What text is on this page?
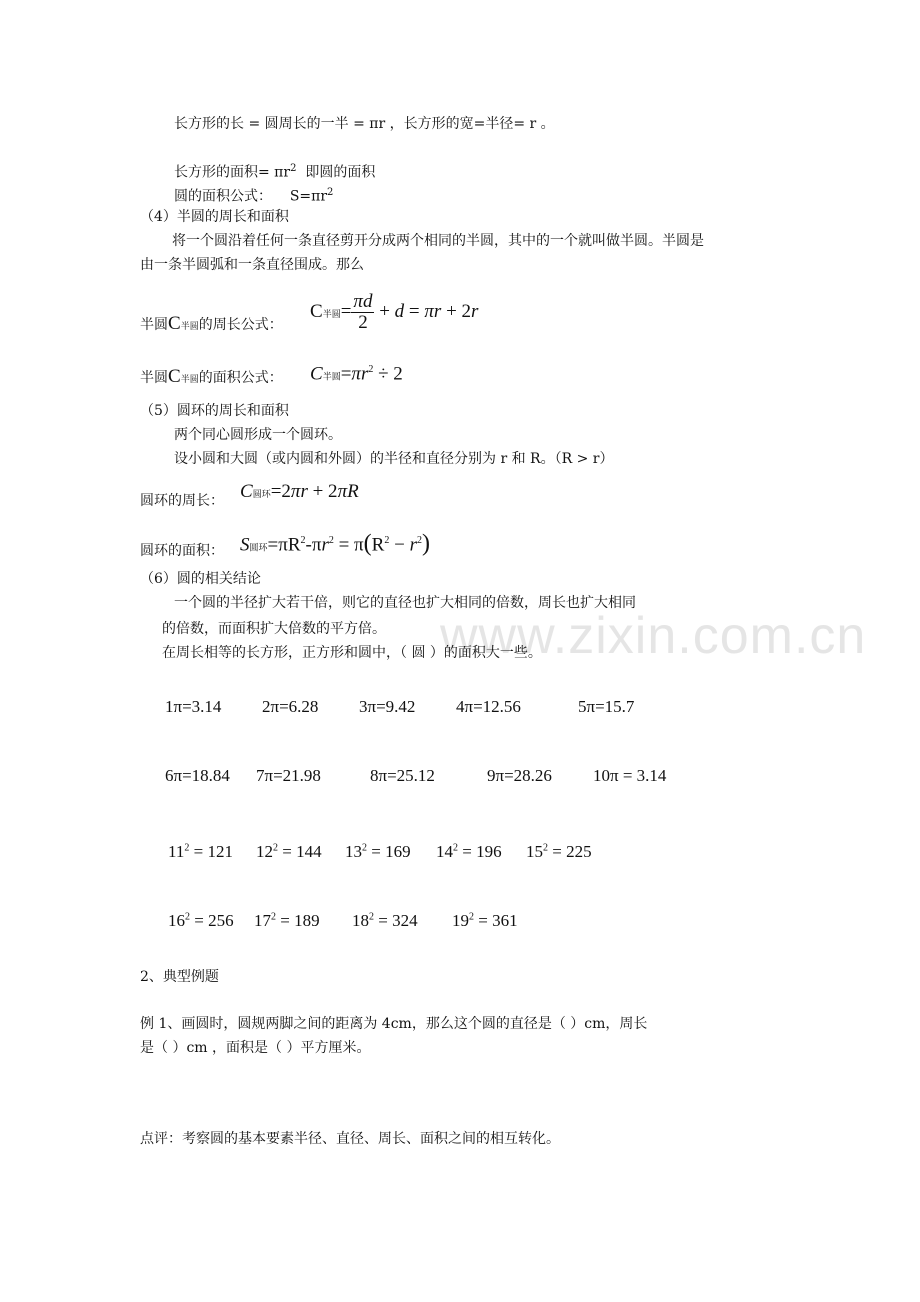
www.zixin.com.cn
长方形的长 = 圆周长的一半 = πr ，长方形的宽=半径= r 。
长方形的面积= $\pi r^2$ 即圆的面积
圆的面积公式： $S=\pi r^2$
（4）半圆的周长和面积
将一个圆沿着任何一条直径剪开分成两个相同的半圆，其中的一个就叫做半圆。半圆是
由一条半圆弧和一条直径围成。那么
半圆C半圆的周长公式：
C半圆= $\frac{\pi d}{2} + d = \pi r + 2r$
半圆C半圆的面积公式： C半圆$=\pi r^2 \div 2$
（5）圆环的周长和面积
两个同心圆形成一个圆环。
设小圆和大圆（或内圆和外圆）的半径和直径分别为 r 和 R。（R > r）
圆环的周长： C圆环=2πr + 2πR
圆环的面积： S圆环$=\pi R^2-\pi r^2 = \pi(R^2 - r^2)$
（6）圆的相关结论
一个圆的半径扩大若干倍，则它的直径也扩大相同的倍数，周长也扩大相同
的倍数，而面积扩大倍数的平方倍。
在周长相等的长方形，正方形和圆中，（ 圆 ）的面积大一些。
1π=3.14 2π=6.28 3π=9.42 4π=12.56	5π=15.7
6π=18.84 7π=21.98	8π=25.12	9π=28.26 10π = 3.14
$11^2 = 121$ $12^2 = 144$ $13^2 = 169$ $14^2 = 196$ $15^2 = 225$
$16^2 = 256$ $17^2 = 189$ $18^2 = 324$ $19^2 = 361$
2、典型例题
例 1、画圆时，圆规两脚之间的距离为 4cm，那么这个圆的直径是（ ）cm，周长
是（ ）cm ，面积是（ ）平方厘米。
点评：考察圆的基本要素半径、直径、周长、面积之间的相互转化。
